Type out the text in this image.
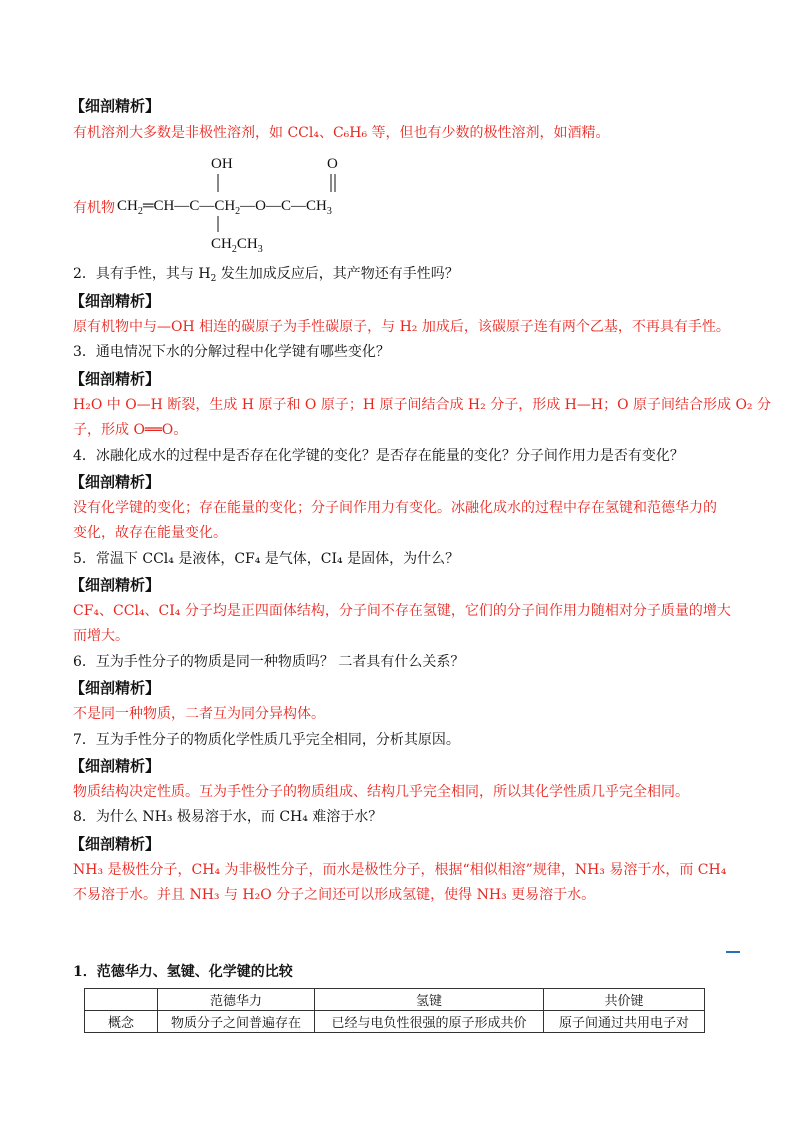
【细剖精析】
有机溶剂大多数是非极性溶剂，如 CCl₄、C₆H₆ 等，但也有少数的极性溶剂，如酒精。
有机物
OH	O
$CH_2═CH—C—CH_2—O—C—CH_3$
$CH_2CH_3$
2．具有手性，其与 $H_2$ 发生加成反应后，其产物还有手性吗？
【细剖精析】
原有机物中与—OH 相连的碳原子为手性碳原子，与 H₂ 加成后，该碳原子连有两个乙基，不再具有手性。
3．通电情况下水的分解过程中化学键有哪些变化？
【细剖精析】
H₂O 中 O—H 断裂，生成 H 原子和 O 原子；H 原子间结合成 H₂ 分子，形成 H—H；O 原子间结合形成 O₂ 分
子，形成 O══O。
4．冰融化成水的过程中是否存在化学键的变化？是否存在能量的变化？分子间作用力是否有变化？
【细剖精析】
没有化学键的变化；存在能量的变化；分子间作用力有变化。冰融化成水的过程中存在氢键和范德华力的
变化，故存在能量变化。
5．常温下 CCl₄ 是液体，CF₄ 是气体，CI₄ 是固体，为什么？
【细剖精析】
CF₄、CCl₄、CI₄ 分子均是正四面体结构，分子间不存在氢键，它们的分子间作用力随相对分子质量的增大
而增大。
6．互为手性分子的物质是同一种物质吗？ 二者具有什么关系？
【细剖精析】
不是同一种物质，二者互为同分异构体。
7．互为手性分子的物质化学性质几乎完全相同，分析其原因。
【细剖精析】
物质结构决定性质。互为手性分子的物质组成、结构几乎完全相同，所以其化学性质几乎完全相同。
8．为什么 NH₃ 极易溶于水，而 CH₄ 难溶于水？
【细剖精析】
NH₃ 是极性分子，CH₄ 为非极性分子，而水是极性分子，根据“相似相溶”规律，NH₃ 易溶于水，而 CH₄
不易溶于水。并且 NH₃ 与 H₂O 分子之间还可以形成氢键，使得 NH₃ 更易溶于水。
1．范德华力、氢键、化学键的比较
	范德华力	氢键	共价键
概念	物质分子之间普遍存在	已经与电负性很强的原子形成共价	原子间通过共用电子对
